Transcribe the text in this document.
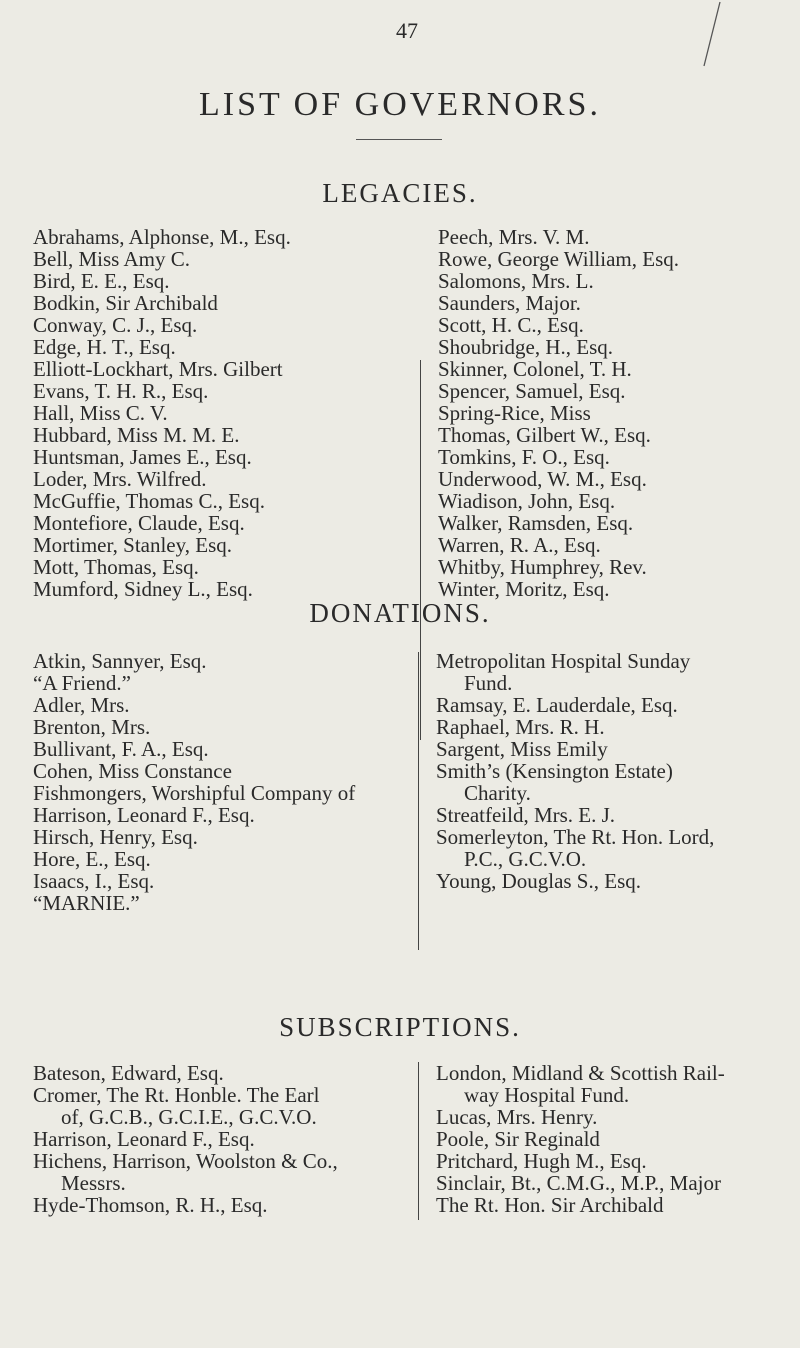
47
LIST OF GOVERNORS.
LEGACIES.
Abrahams, Alphonse, M., Esq.
Bell, Miss Amy C.
Bird, E. E., Esq.
Bodkin, Sir Archibald
Conway, C. J., Esq.
Edge, H. T., Esq.
Elliott-Lockhart, Mrs. Gilbert
Evans, T. H. R., Esq.
Hall, Miss C. V.
Hubbard, Miss M. M. E.
Huntsman, James E., Esq.
Loder, Mrs. Wilfred.
McGuffie, Thomas C., Esq.
Montefiore, Claude, Esq.
Mortimer, Stanley, Esq.
Mott, Thomas, Esq.
Mumford, Sidney L., Esq.
Peech, Mrs. V. M.
Rowe, George William, Esq.
Salomons, Mrs. L.
Saunders, Major.
Scott, H. C., Esq.
Shoubridge, H., Esq.
Skinner, Colonel, T. H.
Spencer, Samuel, Esq.
Spring-Rice, Miss
Thomas, Gilbert W., Esq.
Tomkins, F. O., Esq.
Underwood, W. M., Esq.
Wiadison, John, Esq.
Walker, Ramsden, Esq.
Warren, R. A., Esq.
Whitby, Humphrey, Rev.
Winter, Moritz, Esq.
DONATIONS.
Atkin, Sannyer, Esq.
“A Friend.”
Adler, Mrs.
Brenton, Mrs.
Bullivant, F. A., Esq.
Cohen, Miss Constance
Fishmongers, Worshipful Company of
Harrison, Leonard F., Esq.
Hirsch, Henry, Esq.
Hore, E., Esq.
Isaacs, I., Esq.
“MARNIE.”
Metropolitan Hospital Sunday
Fund.
Ramsay, E. Lauderdale, Esq.
Raphael, Mrs. R. H.
Sargent, Miss Emily
Smith’s (Kensington Estate)
Charity.
Streatfeild, Mrs. E. J.
Somerleyton, The Rt. Hon. Lord,
P.C., G.C.V.O.
Young, Douglas S., Esq.
SUBSCRIPTIONS.
Bateson, Edward, Esq.
Cromer, The Rt. Honble. The Earl
of, G.C.B., G.C.I.E., G.C.V.O.
Harrison, Leonard F., Esq.
Hichens, Harrison, Woolston & Co.,
Messrs.
Hyde-Thomson, R. H., Esq.
London, Midland & Scottish Rail-
way Hospital Fund.
Lucas, Mrs. Henry.
Poole, Sir Reginald
Pritchard, Hugh M., Esq.
Sinclair, Bt., C.M.G., M.P., Major
The Rt. Hon. Sir Archibald
